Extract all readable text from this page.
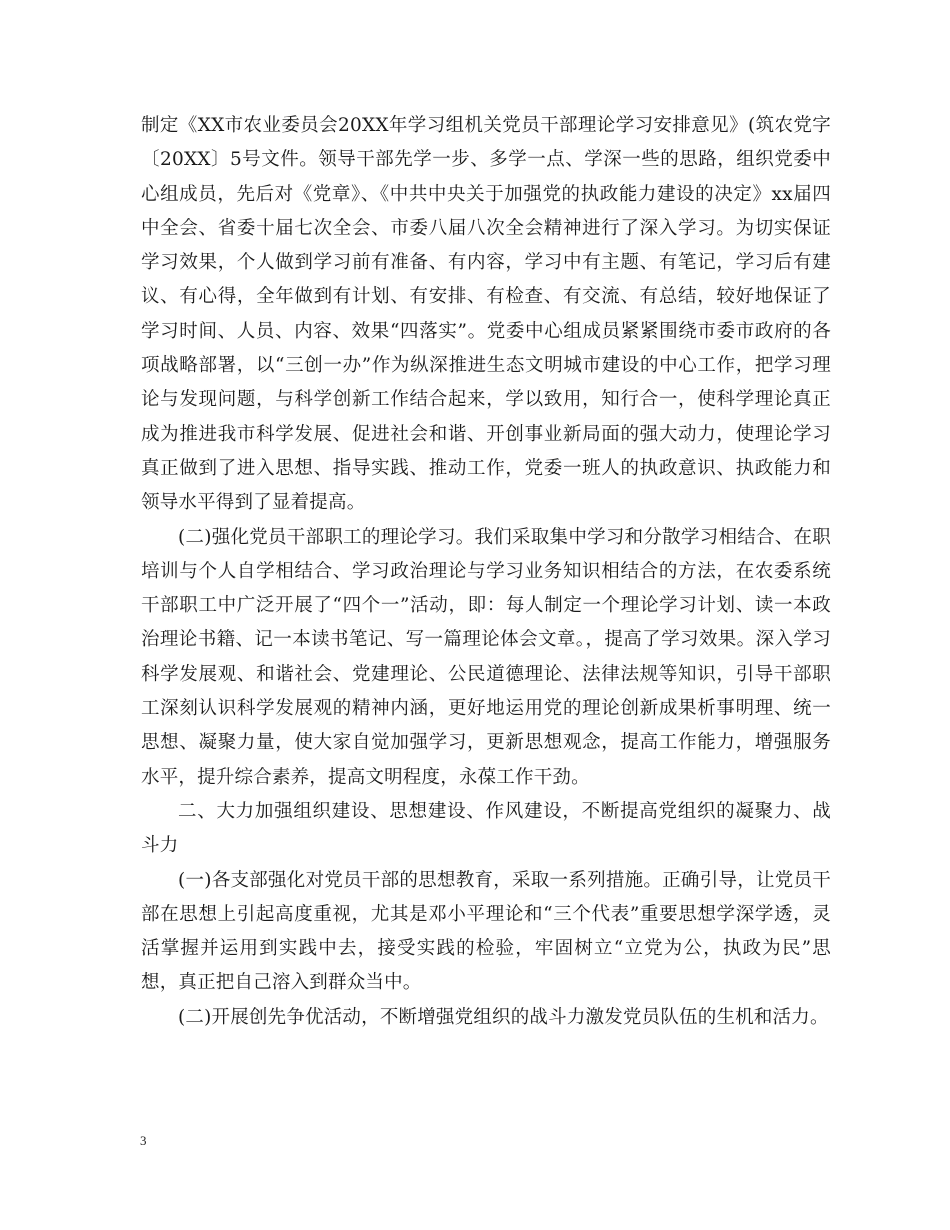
制定《XX市农业委员会20XX年学习组机关党员干部理论学习安排意见》(筑农党字〔20XX〕5号文件。领导干部先学一步、多学一点、学深一些的思路，组织党委中心组成员，先后对《党章》、《中共中央关于加强党的执政能力建设的决定》xx届四中全会、省委十届七次全会、市委八届八次全会精神进行了深入学习。为切实保证学习效果，个人做到学习前有准备、有内容，学习中有主题、有笔记，学习后有建议、有心得，全年做到有计划、有安排、有检查、有交流、有总结，较好地保证了学习时间、人员、内容、效果“四落实”。党委中心组成员紧紧围绕市委市政府的各项战略部署，以“三创一办”作为纵深推进生态文明城市建设的中心工作，把学习理论与发现问题，与科学创新工作结合起来，学以致用，知行合一，使科学理论真正成为推进我市科学发展、促进社会和谐、开创事业新局面的强大动力，使理论学习真正做到了进入思想、指导实践、推动工作，党委一班人的执政意识、执政能力和领导水平得到了显着提高。

(二)强化党员干部职工的理论学习。我们采取集中学习和分散学习相结合、在职培训与个人自学相结合、学习政治理论与学习业务知识相结合的方法，在农委系统干部职工中广泛开展了“四个一”活动，即：每人制定一个理论学习计划、读一本政治理论书籍、记一本读书笔记、写一篇理论体会文章。，提高了学习效果。深入学习科学发展观、和谐社会、党建理论、公民道德理论、法律法规等知识，引导干部职工深刻认识科学发展观的精神内涵，更好地运用党的理论创新成果析事明理、统一思想、凝聚力量，使大家自觉加强学习，更新思想观念，提高工作能力，增强服务水平，提升综合素养，提高文明程度，永葆工作干劲。

二、大力加强组织建设、思想建设、作风建设，不断提高党组织的凝聚力、战斗力

(一)各支部强化对党员干部的思想教育，采取一系列措施。正确引导，让党员干部在思想上引起高度重视，尤其是邓小平理论和“三个代表”重要思想学深学透，灵活掌握并运用到实践中去，接受实践的检验，牢固树立“立党为公，执政为民”思想，真正把自己溶入到群众当中。

(二)开展创先争优活动，不断增强党组织的战斗力激发党员队伍的生机和活力。

3
